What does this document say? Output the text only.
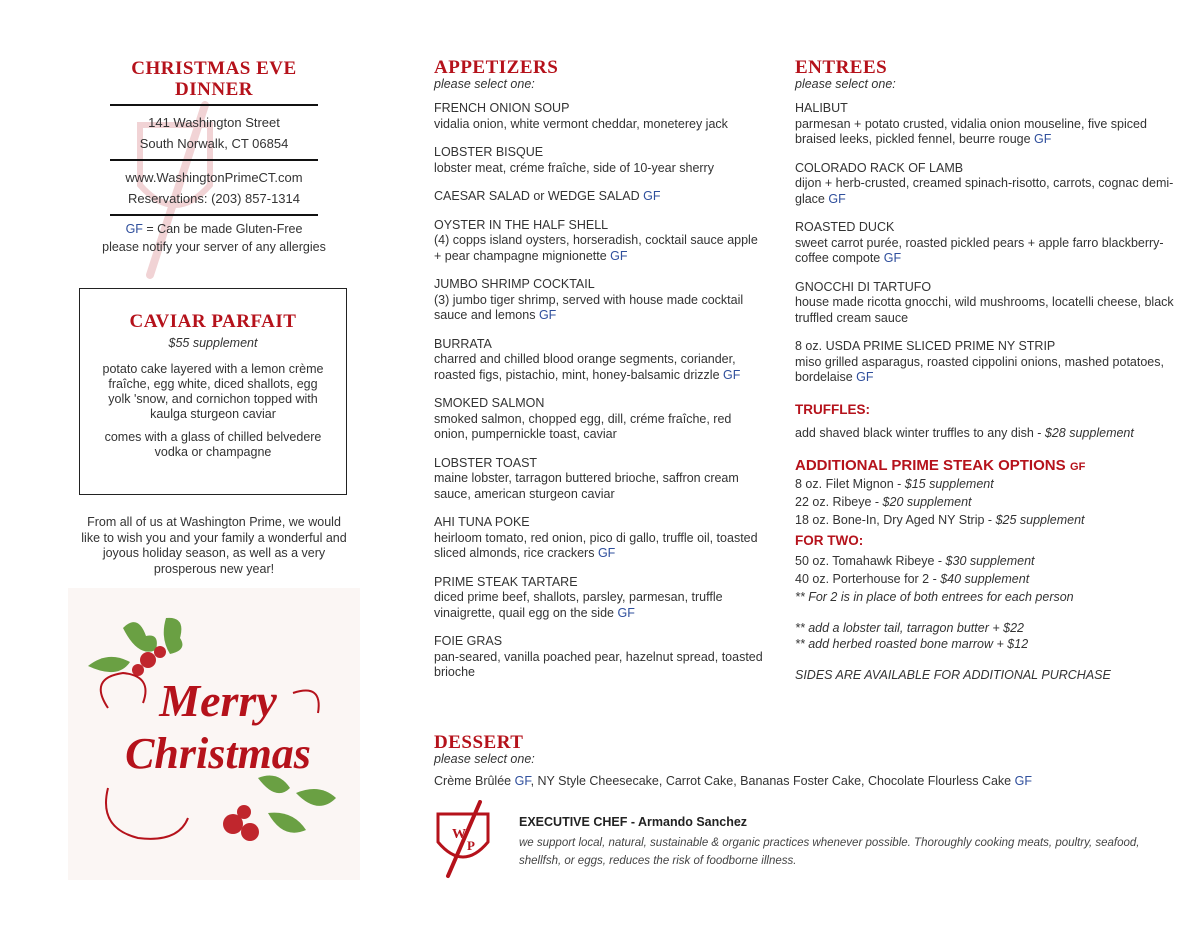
CHRISTMAS EVE
DINNER
141 Washington Street
South Norwalk, CT 06854
www.WashingtonPrimeCT.com
Reservations: (203) 857-1314
GF = Can be made Gluten-Free
please notify your server of any allergies
CAVIAR PARFAIT
$55 supplement
potato cake layered with a lemon crème fraîche, egg white, diced shallots, egg yolk 'snow, and cornichon topped with kaulga sturgeon caviar
comes with a glass of chilled belvedere vodka or champagne
From all of us at Washington Prime, we would like to wish you and your family a wonderful and joyous holiday season, as well as a very prosperous new year!
Merry
Christmas
APPETIZERS
please select one:
FRENCH ONION SOUP
vidalia onion, white vermont cheddar, moneterey jack
LOBSTER BISQUE
lobster meat, créme fraîche, side of 10-year sherry
CAESAR SALAD or WEDGE SALAD GF
OYSTER IN THE HALF SHELL
(4) copps island oysters, horseradish, cocktail sauce apple + pear champagne mignionette GF
JUMBO SHRIMP COCKTAIL
(3) jumbo tiger shrimp, served with house made cocktail sauce and lemons GF
BURRATA
charred and chilled blood orange segments, coriander, roasted figs, pistachio, mint, honey-balsamic drizzle GF
SMOKED SALMON
smoked salmon, chopped egg, dill, créme fraîche, red onion, pumpernickle toast, caviar
LOBSTER TOAST
maine lobster, tarragon buttered brioche, saffron cream sauce, american sturgeon caviar
AHI TUNA POKE
heirloom tomato, red onion, pico di gallo, truffle oil, toasted sliced almonds, rice crackers GF
PRIME STEAK TARTARE
diced prime beef, shallots, parsley, parmesan, truffle vinaigrette, quail egg on the side GF
FOIE GRAS
pan-seared, vanilla poached pear, hazelnut spread, toasted brioche
ENTREES
please select one:
HALIBUT
parmesan + potato crusted, vidalia onion mouseline, five spiced braised leeks, pickled fennel, beurre rouge GF
COLORADO RACK OF LAMB
dijon + herb-crusted, creamed spinach-risotto, carrots, cognac demi-glace GF
ROASTED DUCK
sweet carrot purée, roasted pickled pears + apple farro blackberry-coffee compote GF
GNOCCHI DI TARTUFO
house made ricotta gnocchi, wild mushrooms, locatelli cheese, black truffled cream sauce
8 oz. USDA PRIME SLICED PRIME NY STRIP
miso grilled asparagus, roasted cippolini onions, mashed potatoes, bordelaise GF
TRUFFLES:
add shaved black winter truffles to any dish - $28 supplement
ADDITIONAL PRIME STEAK OPTIONS GF
8 oz. Filet Mignon - $15 supplement
22 oz. Ribeye - $20 supplement
18 oz. Bone-In, Dry Aged NY Strip - $25 supplement
FOR TWO:
50 oz. Tomahawk Ribeye - $30 supplement
40 oz. Porterhouse for 2 - $40 supplement
** For 2 is in place of both entrees for each person
** add a lobster tail, tarragon butter + $22
** add herbed roasted bone marrow + $12
SIDES ARE AVAILABLE FOR ADDITIONAL PURCHASE
DESSERT
please select one:
Crème Brûlée GF, NY Style Cheesecake, Carrot Cake, Bananas Foster Cake, Chocolate Flourless Cake GF
W
P
EXECUTIVE CHEF - Armando Sanchez
we support local, natural, sustainable & organic practices whenever possible. Thoroughly cooking meats, poultry, seafood, shellfsh, or eggs, reduces the risk of foodborne illness.
